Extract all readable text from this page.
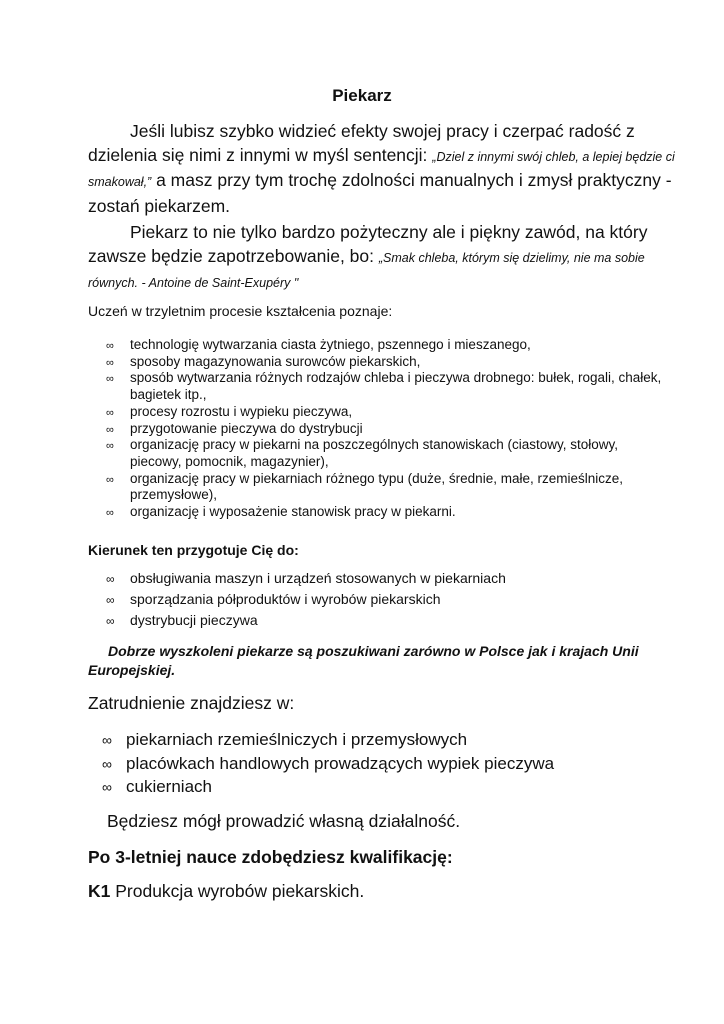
Piekarz
Jeśli lubisz szybko widzieć efekty swojej pracy i czerpać radość z dzielenia się nimi z innymi w myśl sentencji: „Dziel z innymi swój chleb, a lepiej będzie ci smakował,” a masz przy tym trochę zdolności manualnych i zmysł praktyczny - zostań piekarzem.
Piekarz to nie tylko bardzo pożyteczny ale i piękny zawód, na który zawsze będzie zapotrzebowanie, bo: „Smak chleba, którym się dzielimy, nie ma sobie równych. - Antoine de Saint-Exupéry "
Uczeń w trzyletnim procesie kształcenia poznaje:
∞ technologię wytwarzania ciasta żytniego, pszennego i mieszanego,
∞ sposoby magazynowania surowców piekarskich,
∞ sposób wytwarzania różnych rodzajów chleba i pieczywa drobnego: bułek, rogali, chałek, bagietek itp.,
∞ procesy rozrostu i wypieku pieczywa,
∞ przygotowanie pieczywa do dystrybucji
∞ organizację pracy w piekarni na poszczególnych stanowiskach (ciastowy, stołowy, piecowy, pomocnik, magazynier),
∞ organizację pracy w piekarniach różnego typu (duże, średnie, małe, rzemieślnicze, przemysłowe),
∞ organizację i wyposażenie stanowisk pracy w piekarni.
Kierunek ten przygotuje Cię do:
∞ obsługiwania maszyn i urządzeń stosowanych w piekarniach
∞ sporządzania półproduktów i wyrobów piekarskich
∞ dystrybucji pieczywa
Dobrze wyszkoleni piekarze są poszukiwani zarówno w Polsce jak i krajach Unii Europejskiej.
Zatrudnienie znajdziesz w:
∞ piekarniach rzemieślniczych i przemysłowych
∞ placówkach handlowych prowadzących wypiek pieczywa
∞ cukierniach
Będziesz mógł prowadzić własną działalność.
Po 3-letniej nauce zdobędziesz kwalifikację:
K1 Produkcja wyrobów piekarskich.
